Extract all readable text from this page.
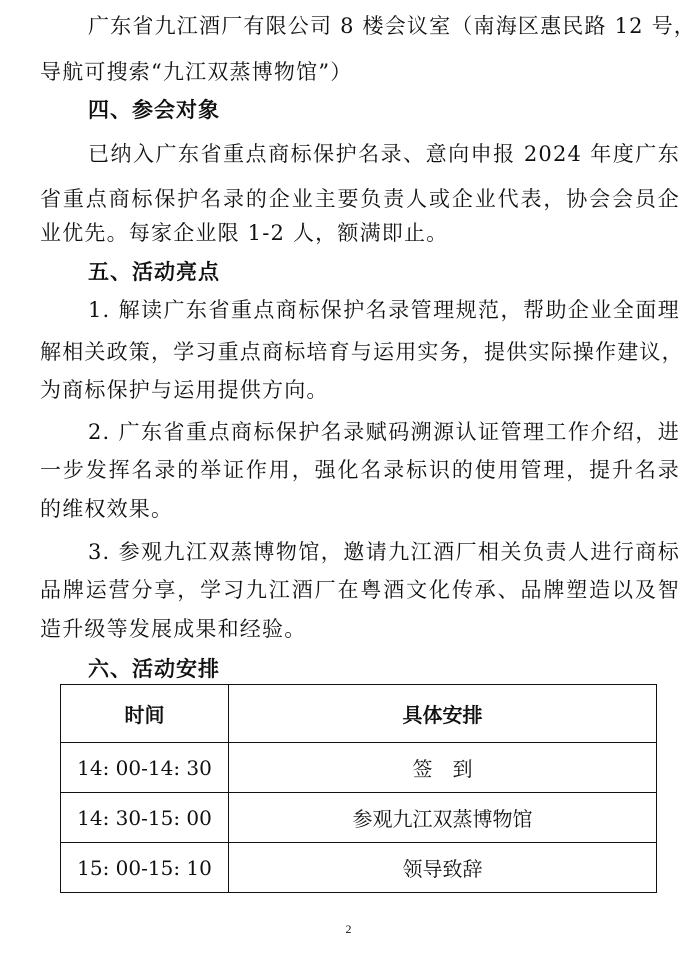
广东省九江酒厂有限公司 8 楼会议室（南海区惠民路 12 号，
导航可搜索“九江双蒸博物馆”）
四、参会对象
已纳入广东省重点商标保护名录、意向申报 2024 年度广东
省重点商标保护名录的企业主要负责人或企业代表，协会会员企
业优先。每家企业限 1-2 人，额满即止。
五、活动亮点
1. 解读广东省重点商标保护名录管理规范，帮助企业全面理
解相关政策，学习重点商标培育与运用实务，提供实际操作建议，
为商标保护与运用提供方向。
2. 广东省重点商标保护名录赋码溯源认证管理工作介绍，进
一步发挥名录的举证作用，强化名录标识的使用管理，提升名录
的维权效果。
3. 参观九江双蒸博物馆，邀请九江酒厂相关负责人进行商标
品牌运营分享，学习九江酒厂在粤酒文化传承、品牌塑造以及智
造升级等发展成果和经验。
六、活动安排
时间	具体安排
14: 00-14: 30	签　到
14: 30-15: 00	参观九江双蒸博物馆
15: 00-15: 10	领导致辞
2
